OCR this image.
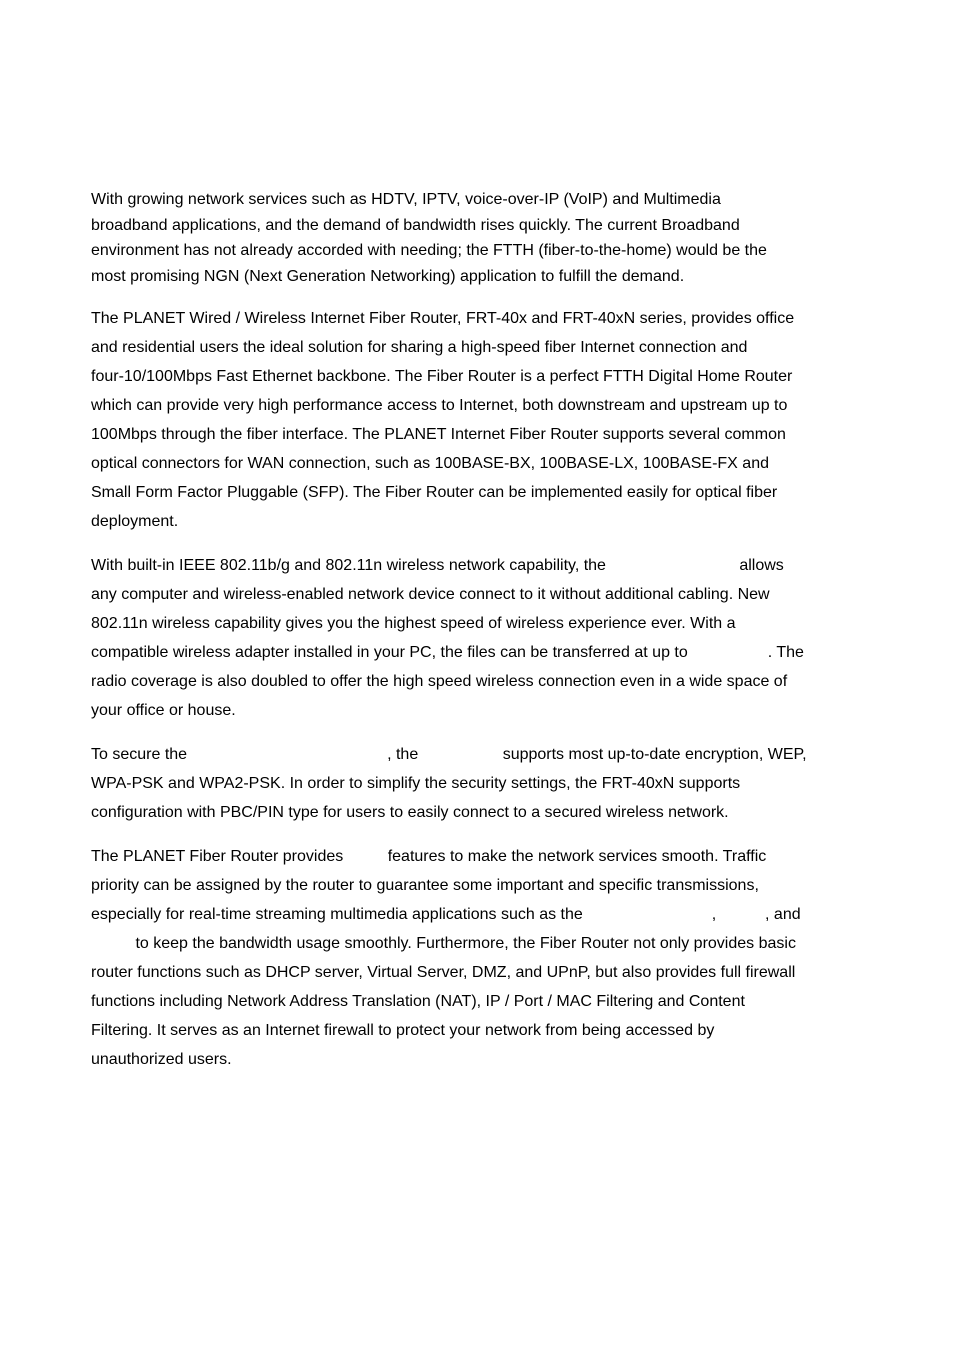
With growing network services such as HDTV, IPTV, voice-over-IP (VoIP) and Multimedia
broadband applications, and the demand of bandwidth rises quickly. The current Broadband
environment has not already accorded with needing; the FTTH (fiber-to-the-home) would be the
most promising NGN (Next Generation Networking) application to fulfill the demand.
The PLANET Wired / Wireless Internet Fiber Router, FRT-40x and FRT-40xN series, provides office
and residential users the ideal solution for sharing a high-speed fiber Internet connection and
four-10/100Mbps Fast Ethernet backbone. The Fiber Router is a perfect FTTH Digital Home Router
which can provide very high performance access to Internet, both downstream and upstream up to
100Mbps through the fiber interface. The PLANET Internet Fiber Router supports several common
optical connectors for WAN connection, such as 100BASE-BX, 100BASE-LX, 100BASE-FX and
Small Form Factor Pluggable (SFP). The Fiber Router can be implemented easily for optical fiber
deployment.
With built-in IEEE 802.11b/g and 802.11n wireless network capability, the                              allows
any computer and wireless-enabled network device connect to it without additional cabling. New
802.11n wireless capability gives you the highest speed of wireless experience ever. With a
compatible wireless adapter installed in your PC, the files can be transferred at up to                  . The
radio coverage is also doubled to offer the high speed wireless connection even in a wide space of
your office or house.
To secure the                                             , the                   supports most up-to-date encryption, WEP,
WPA-PSK and WPA2-PSK. In order to simplify the security settings, the FRT-40xN supports
configuration with PBC/PIN type for users to easily connect to a secured wireless network.
The PLANET Fiber Router provides          features to make the network services smooth. Traffic
priority can be assigned by the router to guarantee some important and specific transmissions,
especially for real-time streaming multimedia applications such as the                             ,           , and
to keep the bandwidth usage smoothly. Furthermore, the Fiber Router not only provides basic
router functions such as DHCP server, Virtual Server, DMZ, and UPnP, but also provides full firewall
functions including Network Address Translation (NAT), IP / Port / MAC Filtering and Content
Filtering. It serves as an Internet firewall to protect your network from being accessed by
unauthorized users.
